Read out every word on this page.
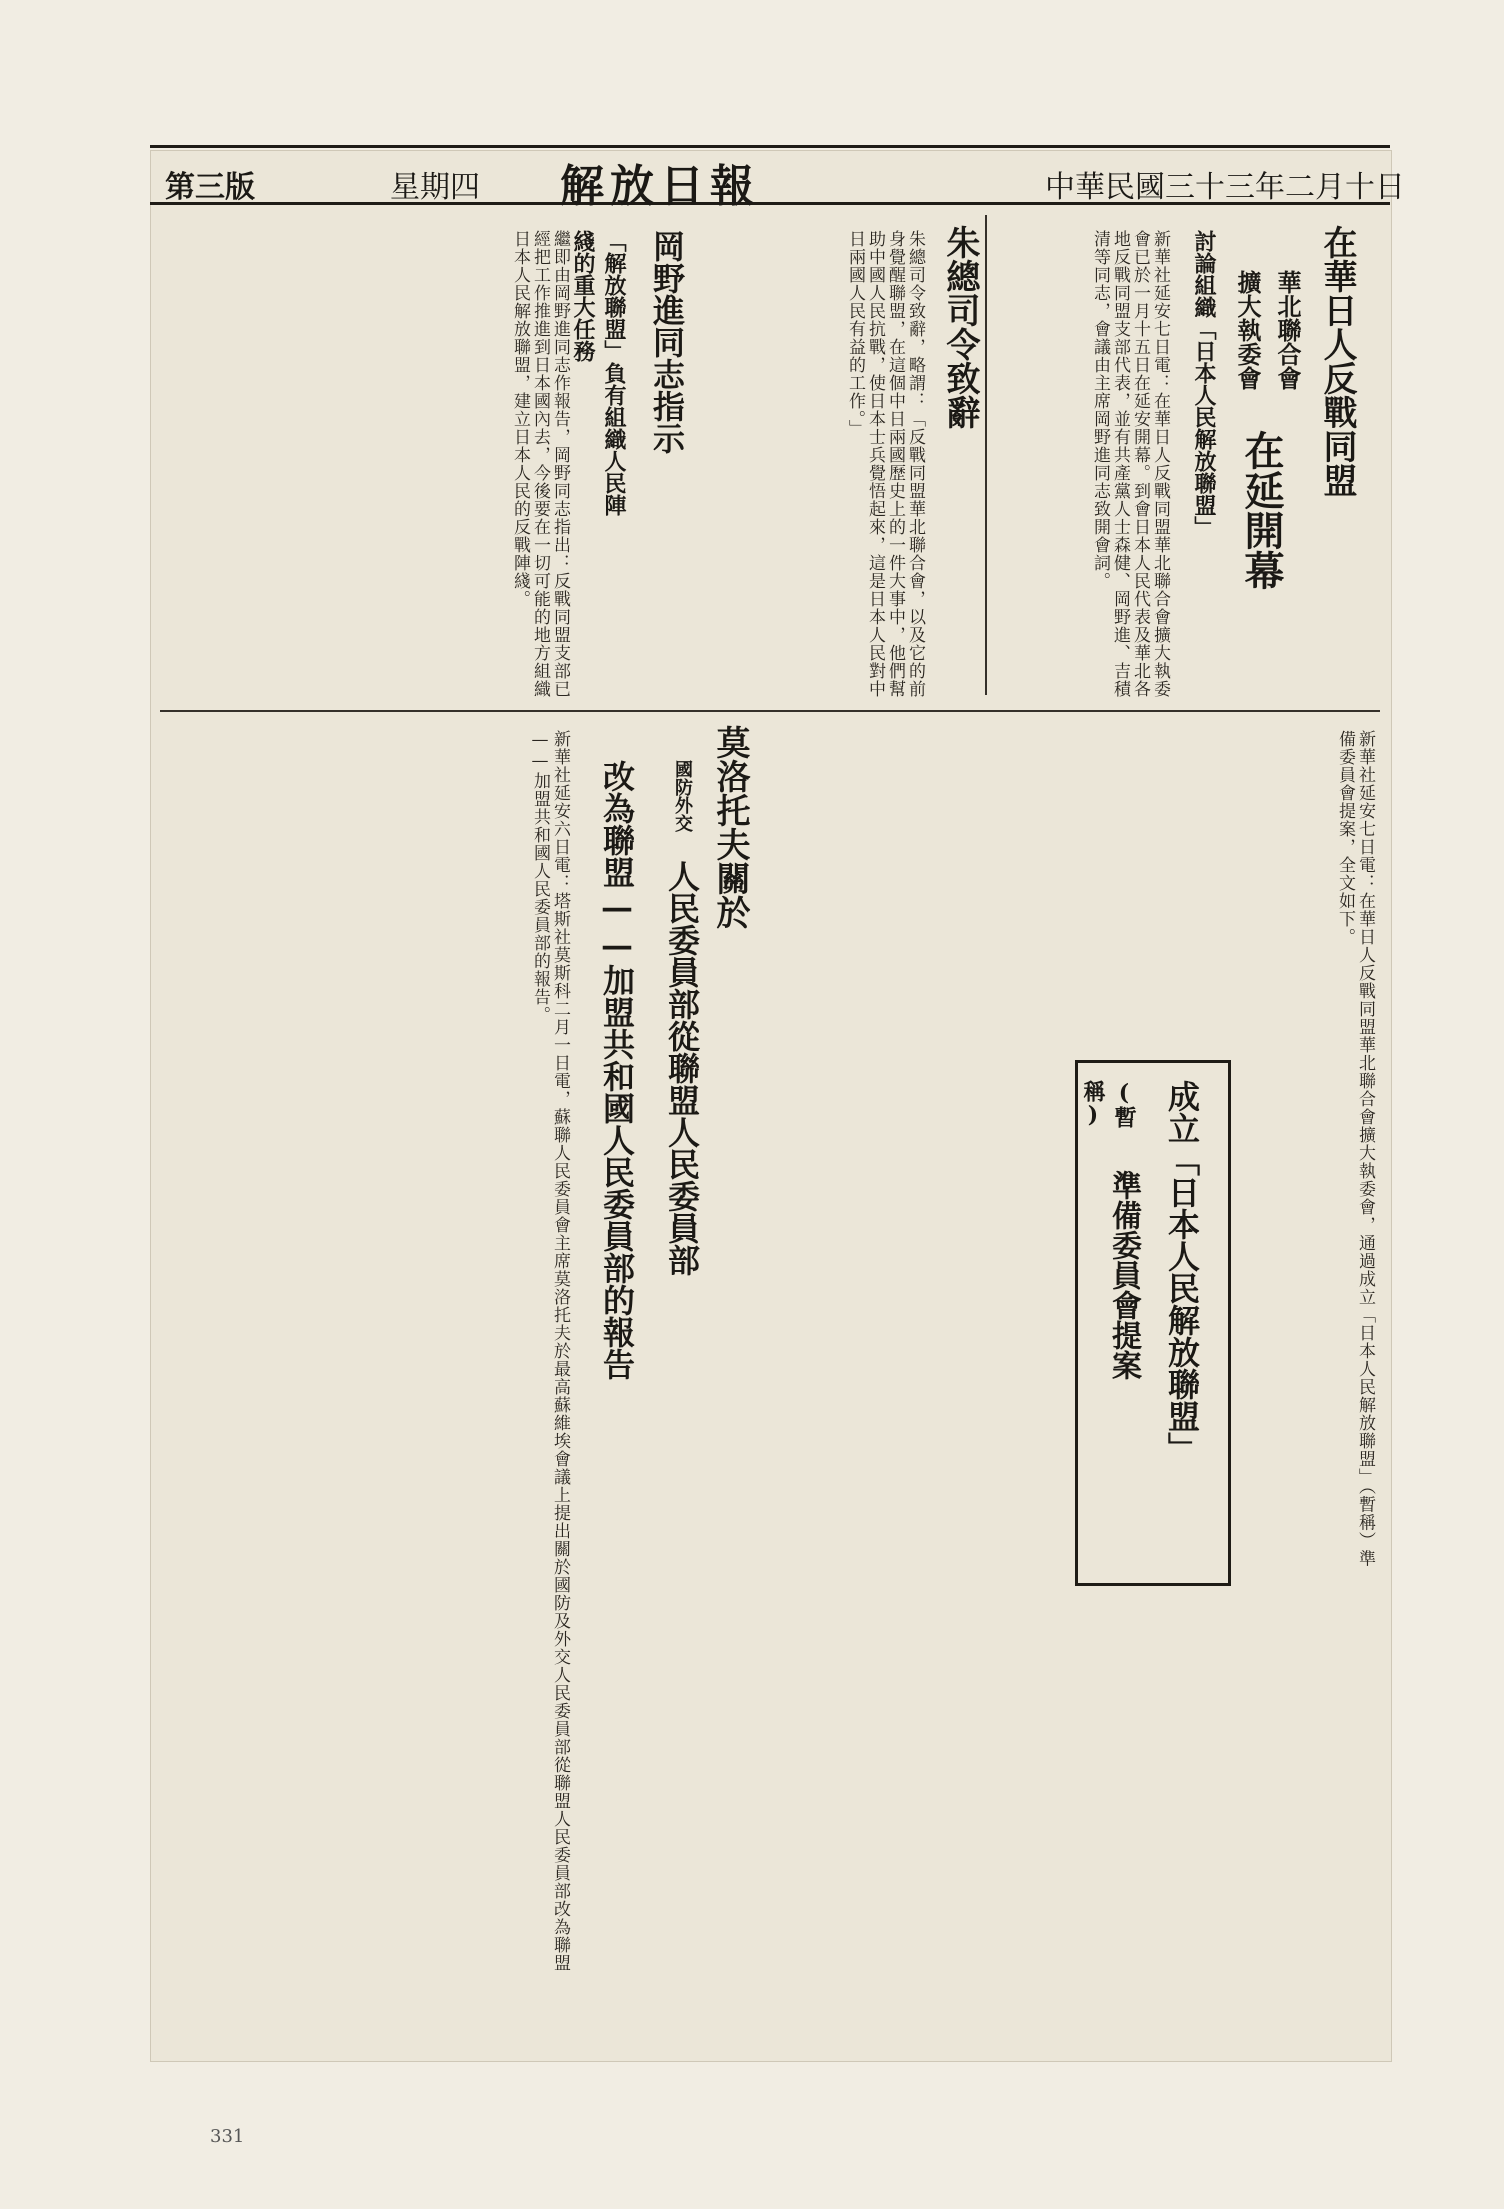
中華民國三十三年二月十日
解放日報
星期四
第三版
在華日人反戰同盟
華北聯合會
擴大執委會
在延開幕
討論組織「日本人民解放聯盟」
新華社延安七日電：在華日人反戰同盟華北聯合會擴大執委會已於一月十五日在延安開幕。到會日本人民代表及華北各地反戰同盟支部代表，並有共產黨人士森健、岡野進、吉積清等同志，會議由主席岡野進同志致開會詞。
朱總司令致辭
朱總司令致辭，略謂：「反戰同盟華北聯合會，以及它的前身覺醒聯盟，在這個中日兩國歷史上的一件大事中，他們幫助中國人民抗戰，使日本士兵覺悟起來，這是日本人民對中日兩國人民有益的工作。」
岡野進同志指示
「解放聯盟」負有組織人民陣綫的重大任務
繼即由岡野進同志作報告，岡野同志指出：反戰同盟支部已經把工作推進到日本國內去，今後要在一切可能的地方組織日本人民解放聯盟，建立日本人民的反戰陣綫。
成立「日本人民解放聯盟」
(暫稱)
準備委員會提案	新華社延安七日電：在華日人反戰同盟華北聯合會擴大執委會，通過成立「日本人民解放聯盟」（暫稱）準備委員會提案，全文如下。
莫洛托夫關於
國防外交
人民委員部從聯盟人民委員部
改為聯盟——加盟共和國人民委員部的報告
新華社延安六日電：塔斯社莫斯科二月一日電，蘇聯人民委員會主席莫洛托夫於最高蘇維埃會議上提出關於國防及外交人民委員部從聯盟人民委員部改為聯盟——加盟共和國人民委員部的報告。
331
